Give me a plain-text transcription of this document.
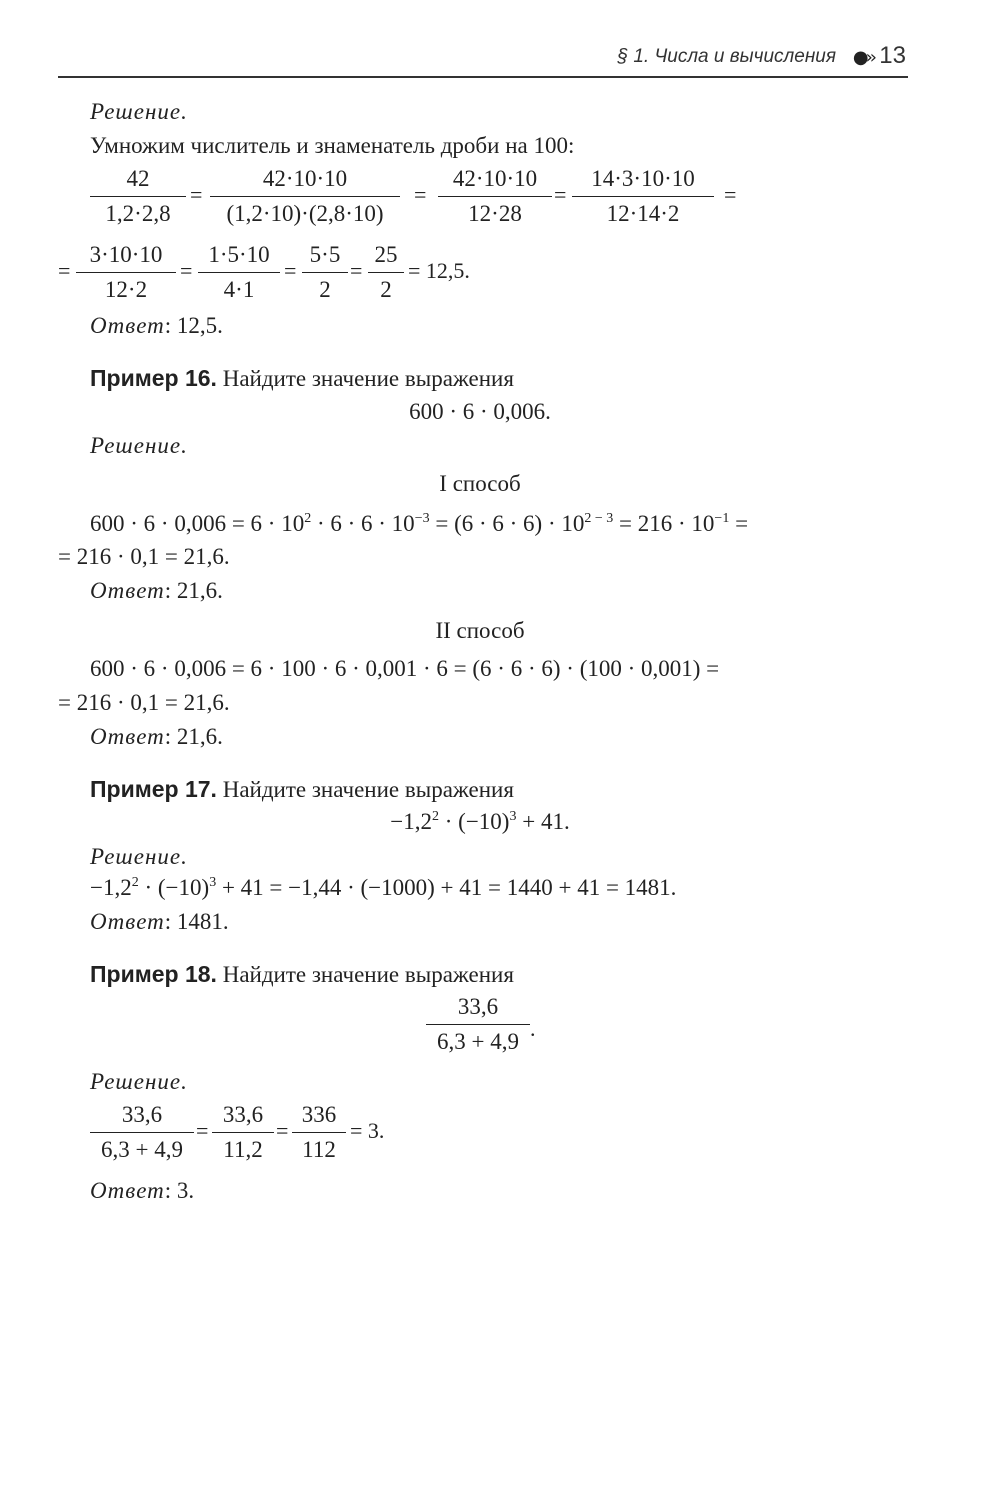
§ 1. Числа и вычисления ●›› 13
Решение.
Умножим числитель и знаменатель дроби на 100:
$\frac{42}{1,2\cdot 2,8} = \frac{42\cdot 10\cdot 10}{(1,2\cdot 10)\cdot(2,8\cdot 10)} = \frac{42\cdot 10\cdot 10}{12\cdot 28} = \frac{14\cdot 3\cdot 10\cdot 10}{12\cdot 14\cdot 2}$ =
= $\frac{3\cdot 10\cdot 10}{12\cdot 2} = \frac{1\cdot 5\cdot 10}{4\cdot 1} = \frac{5\cdot 5}{2} = \frac{25}{2} = 12,5$.
Ответ: 12,5.
Пример 16. Найдите значение выражения
600 · 6 · 0,006.
Решение.
I способ
$600 \cdot 6 \cdot 0,006 = 6 \cdot 10^2 \cdot 6 \cdot 6 \cdot 10^{-3} = (6 \cdot 6 \cdot 6) \cdot 10^{2 - 3} = 216 \cdot 10^{-1}$ =
= 216 · 0,1 = 21,6.
Ответ: 21,6.
II способ
600 · 6 · 0,006 = 6 · 100 · 6 · 0,001 · 6 = (6 · 6 · 6) · (100 · 0,001) =
= 216 · 0,1 = 21,6.
Ответ: 21,6.
Пример 17. Найдите значение выражения
$-1,2^2 \cdot (-10)^3 + 41$.
Решение.
$-1,2^2 \cdot (-10)^3 + 41 = -1,44 \cdot (-1000) + 41 = 1440 + 41 = 1481$.
Ответ: 1481.
Пример 18. Найдите значение выражения
$\frac{33,6}{6,3 + 4,9}$ .
Решение.
$\frac{33,6}{6,3 + 4,9} = \frac{33,6}{11,2} = \frac{336}{112} = 3$.
Ответ: 3.
